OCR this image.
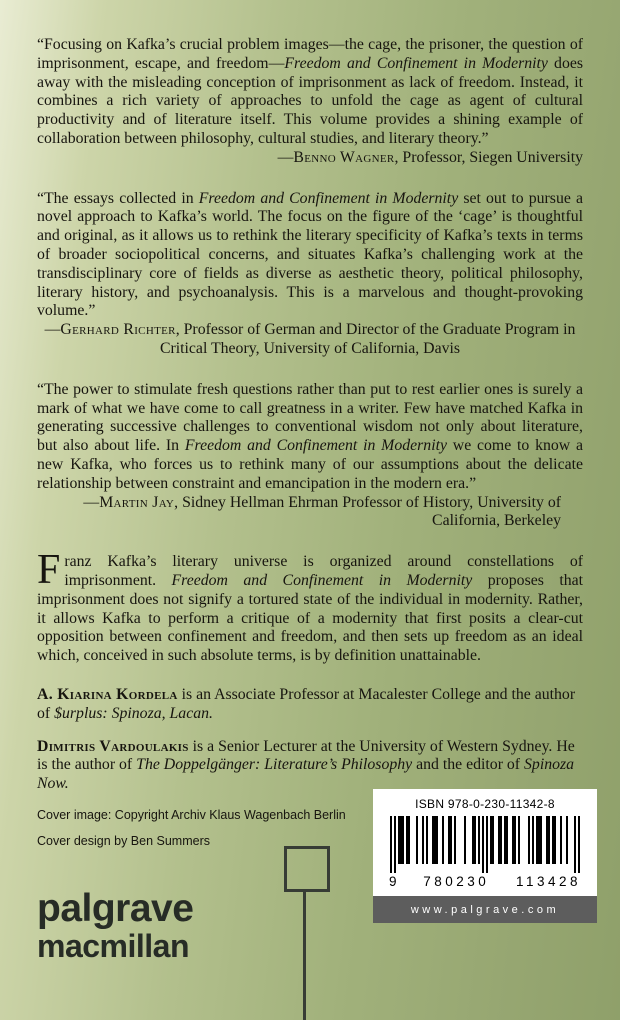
“Focusing on Kafka’s crucial problem images—the cage, the prisoner, the question of imprisonment, escape, and freedom—Freedom and Confinement in Modernity does away with the misleading conception of imprisonment as lack of freedom. Instead, it combines a rich variety of approaches to unfold the cage as agent of cultural productivity and of literature itself. This volume provides a shining example of collaboration between philosophy, cultural studies, and literary theory.”

—Benno Wagner, Professor, Siegen University

“The essays collected in Freedom and Confinement in Modernity set out to pursue a novel approach to Kafka’s world. The focus on the figure of the ‘cage’ is thoughtful and original, as it allows us to rethink the literary specificity of Kafka’s texts in terms of broader sociopolitical concerns, and situates Kafka’s challenging work at the transdisciplinary core of fields as diverse as aesthetic theory, political philosophy, literary history, and psychoanalysis. This is a marvelous and thought-provoking volume.”

—Gerhard Richter, Professor of German and Director of the Graduate Program in Critical Theory, University of California, Davis

“The power to stimulate fresh questions rather than put to rest earlier ones is surely a mark of what we have come to call greatness in a writer. Few have matched Kafka in generating successive challenges to conventional wisdom not only about literature, but also about life. In Freedom and Confinement in Modernity we come to know a new Kafka, who forces us to rethink many of our assumptions about the delicate relationship between constraint and emancipation in the modern era.”

—Martin Jay, Sidney Hellman Ehrman Professor of History, University of California, Berkeley

Franz Kafka’s literary universe is organized around constellations of imprisonment. Freedom and Confinement in Modernity proposes that imprisonment does not signify a tortured state of the individual in modernity. Rather, it allows Kafka to perform a critique of a modernity that first posits a clear-cut opposition between confinement and freedom, and then sets up freedom as an ideal which, conceived in such absolute terms, is by definition unattainable.

A. Kiarina Kordela is an Associate Professor at Macalester College and the author of $urplus: Spinoza, Lacan.

Dimitris Vardoulakis is a Senior Lecturer at the University of Western Sydney. He is the author of The Doppelgänger: Literature’s Philosophy and the editor of Spinoza Now.

Cover image: Copyright Archiv Klaus Wagenbach Berlin

Cover design by Ben Summers

ISBN 978-0-230-11342-8
9 780230 113428
www.palgrave.com
palgrave
macmillan
